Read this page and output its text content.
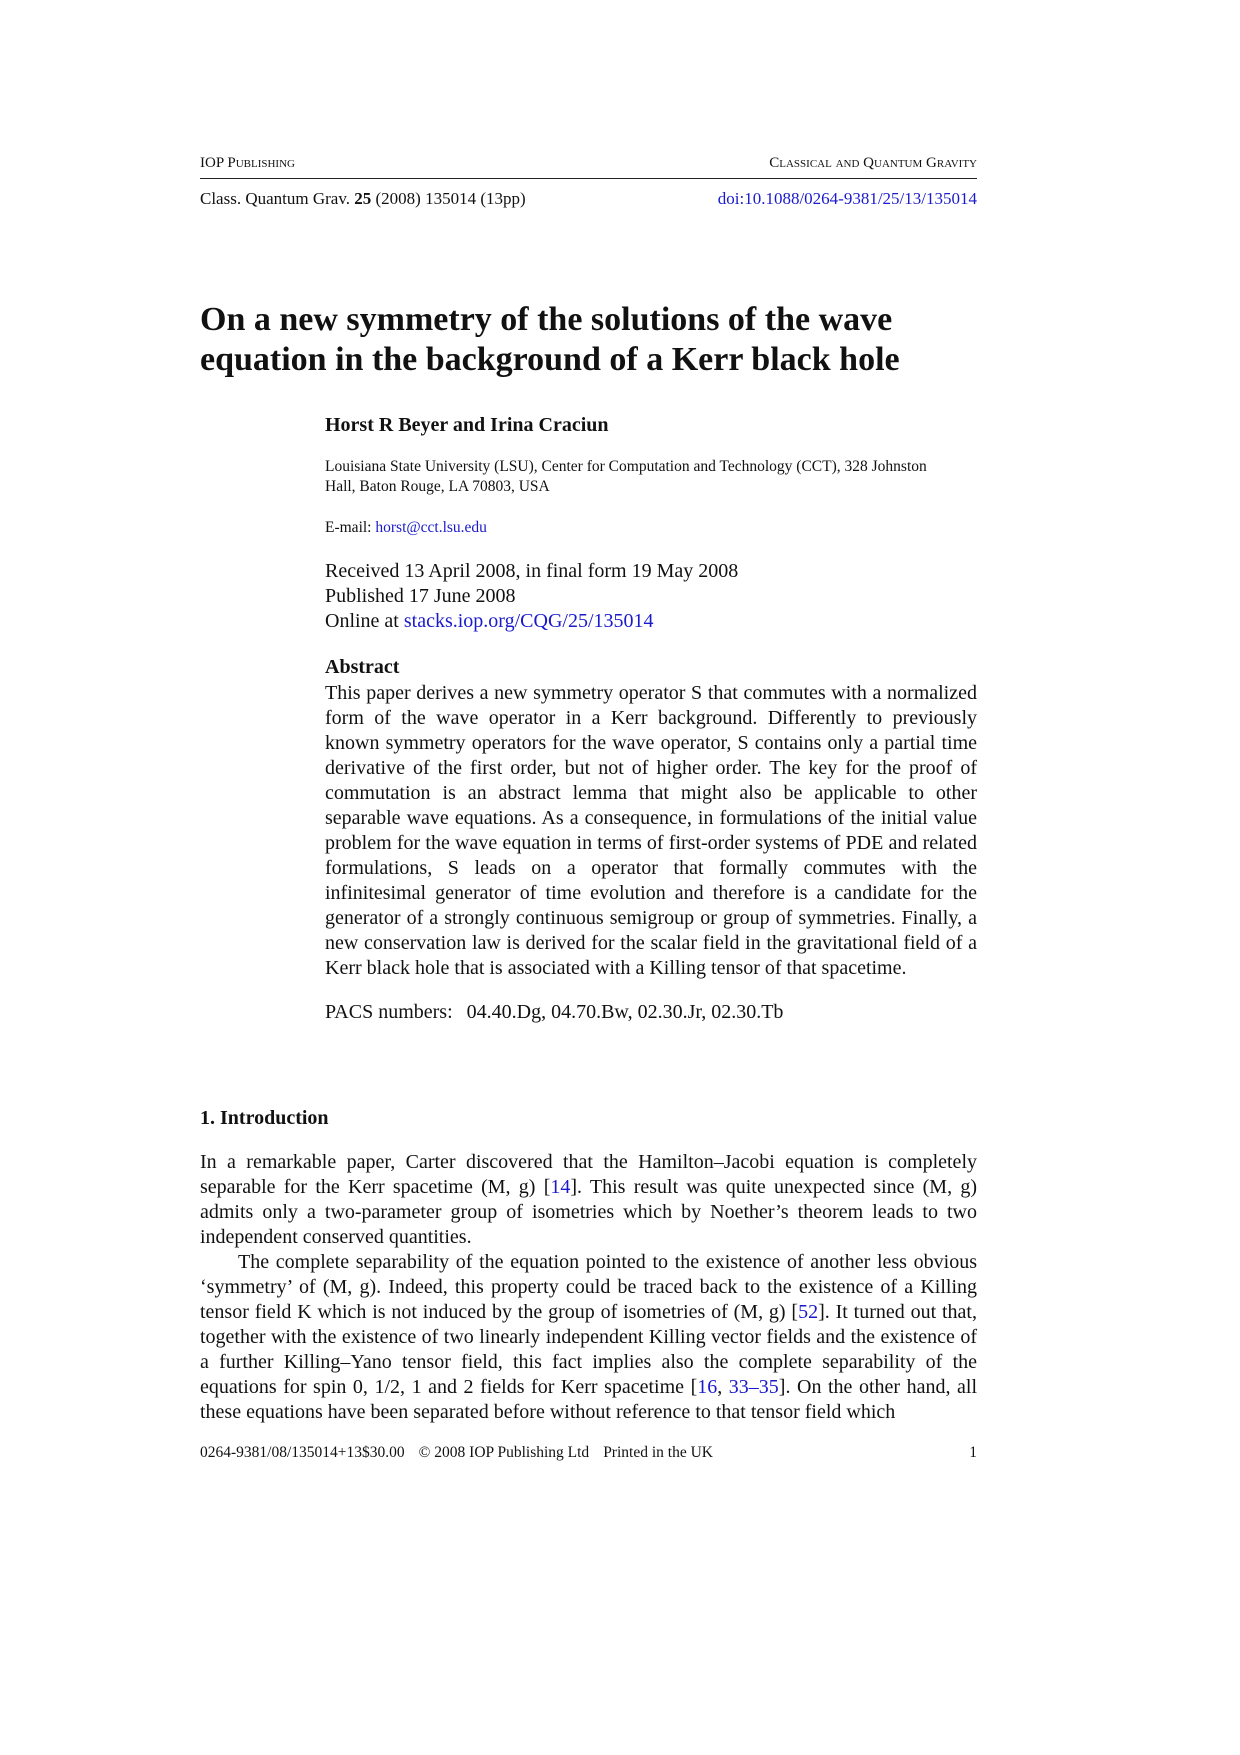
IOP Publishing	Classical and Quantum Gravity
Class. Quantum Grav. 25 (2008) 135014 (13pp)	doi:10.1088/0264-9381/25/13/135014
On a new symmetry of the solutions of the wave
equation in the background of a Kerr black hole
Horst R Beyer and Irina Craciun
Louisiana State University (LSU), Center for Computation and Technology (CCT), 328 Johnston
Hall, Baton Rouge, LA 70803, USA
E-mail: horst@cct.lsu.edu
Received 13 April 2008, in final form 19 May 2008
Published 17 June 2008
Online at stacks.iop.org/CQG/25/135014
Abstract

This paper derives a new symmetry operator S that commutes with a normalized form of the wave operator in a Kerr background. Differently to previously known symmetry operators for the wave operator, S contains only a partial time derivative of the first order, but not of higher order. The key for the proof of commutation is an abstract lemma that might also be applicable to other separable wave equations. As a consequence, in formulations of the initial value problem for the wave equation in terms of first-order systems of PDE and related formulations, S leads on a operator that formally commutes with the infinitesimal generator of time evolution and therefore is a candidate for the generator of a strongly continuous semigroup or group of symmetries. Finally, a new conservation law is derived for the scalar field in the gravitational field of a Kerr black hole that is associated with a Killing tensor of that spacetime.

PACS numbers: 04.40.Dg, 04.70.Bw, 02.30.Jr, 02.30.Tb
1. Introduction

In a remarkable paper, Carter discovered that the Hamilton–Jacobi equation is completely separable for the Kerr spacetime (M, g) [14]. This result was quite unexpected since (M, g) admits only a two-parameter group of isometries which by Noether’s theorem leads to two independent conserved quantities.

The complete separability of the equation pointed to the existence of another less obvious ‘symmetry’ of (M, g). Indeed, this property could be traced back to the existence of a Killing tensor field K which is not induced by the group of isometries of (M, g) [52]. It turned out that, together with the existence of two linearly independent Killing vector fields and the existence of a further Killing–Yano tensor field, this fact implies also the complete separability of the equations for spin 0, 1/2, 1 and 2 fields for Kerr spacetime [16, 33–35]. On the other hand, all these equations have been separated before without reference to that tensor field which

0264-9381/08/135014+13$30.00 © 2008 IOP Publishing Ltd Printed in the UK	1
